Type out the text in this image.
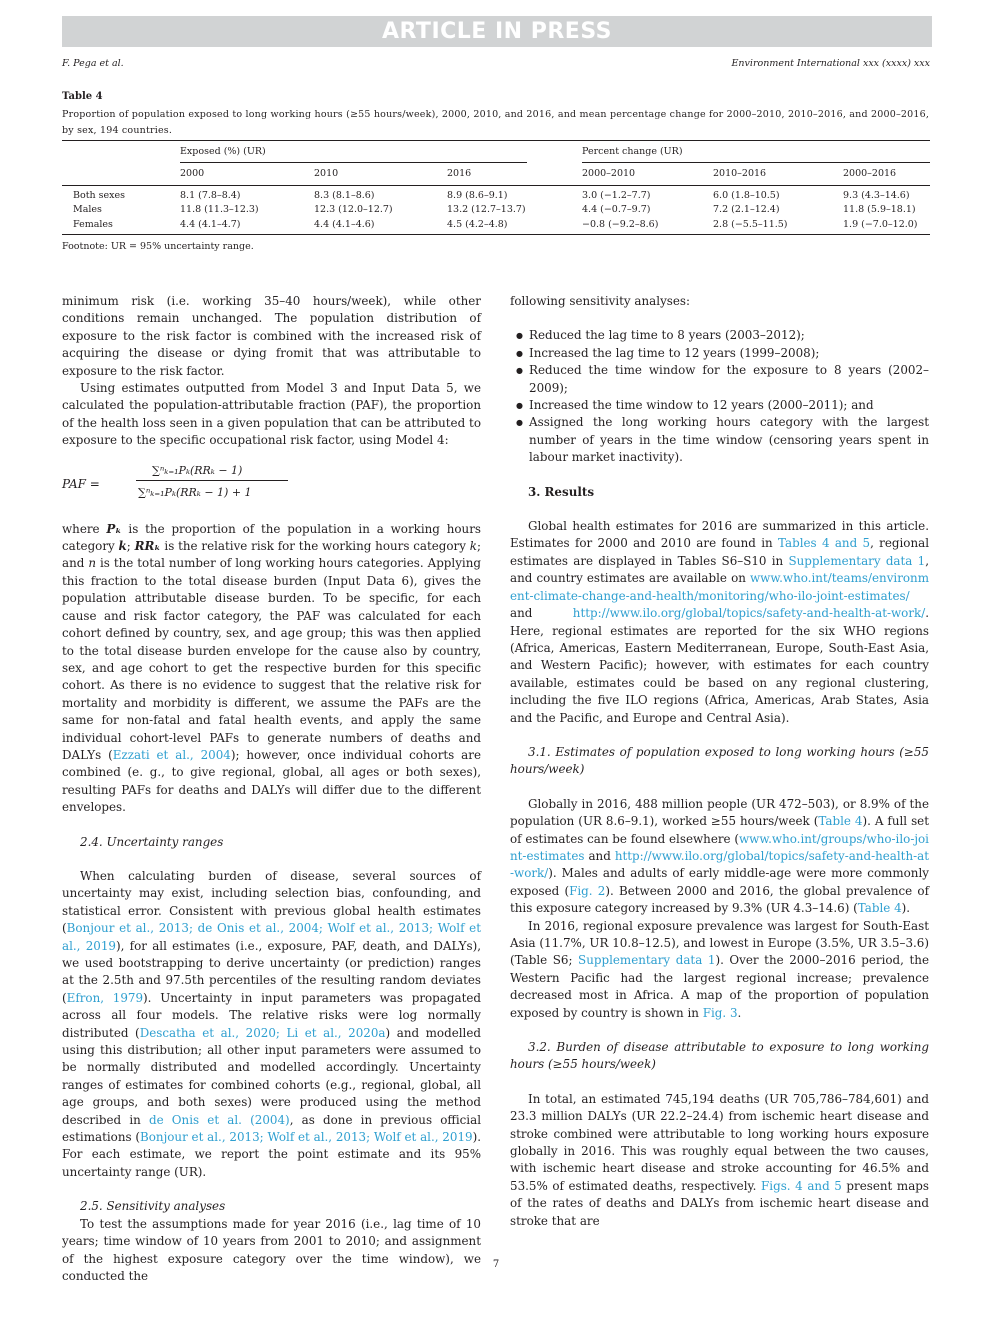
ARTICLE IN PRESS
F. Pega et al.	Environment International xxx (xxxx) xxx
Table 4
Proportion of population exposed to long working hours (≥55 hours/week), 2000, 2010, and 2016, and mean percentage change for 2000–2010, 2010–2016, and 2000–2016, by sex, 194 countries.
Exposed (%) (UR)	Percent change (UR)
2000	2010	2016	2000–2010	2010–2016	2000–2016
Both sexes	8.1 (7.8–8.4)	8.3 (8.1–8.6)	8.9 (8.6–9.1)	3.0 (−1.2–7.7)	6.0 (1.8–10.5)	9.3 (4.3–14.6)
Males	11.8 (11.3–12.3)	12.3 (12.0–12.7)	13.2 (12.7–13.7)	4.4 (−0.7–9.7)	7.2 (2.1–12.4)	11.8 (5.9–18.1)
Females	4.4 (4.1–4.7)	4.4 (4.1–4.6)	4.5 (4.2–4.8)	−0.8 (−9.2–8.6)	2.8 (−5.5–11.5)	1.9 (−7.0–12.0)
Footnote: UR = 95% uncertainty range.

minimum risk (i.e. working 35–40 hours/week), while other conditions remain unchanged. The population distribution of exposure to the risk factor is combined with the increased risk of acquiring the disease or dying fromit that was attributable to exposure to the risk factor.

Using estimates outputted from Model 3 and Input Data 5, we calculated the population-attributable fraction (PAF), the proportion of the health loss seen in a given population that can be attributed to exposure to the specific occupational risk factor, using Model 4:

PAF =
∑ⁿₖ₌₁Pₖ(RRₖ − 1)
∑ⁿₖ₌₁Pₖ(RRₖ − 1) + 1

where Pₖ is the proportion of the population in a working hours category k; RRₖ is the relative risk for the working hours category k; and n is the total number of long working hours categories. Applying this fraction to the total disease burden (Input Data 6), gives the population attributable disease burden. To be specific, for each cause and risk factor category, the PAF was calculated for each cohort defined by country, sex, and age group; this was then applied to the total disease burden envelope for the cause also by country, sex, and age cohort to get the respective burden for this specific cohort. As there is no evidence to suggest that the relative risk for mortality and morbidity is different, we assume the PAFs are the same for non-fatal and fatal health events, and apply the same individual cohort-level PAFs to generate numbers of deaths and DALYs (Ezzati et al., 2004); however, once individual cohorts are combined (e. g., to give regional, global, all ages or both sexes), resulting PAFs for deaths and DALYs will differ due to the different envelopes.

2.4. Uncertainty ranges

When calculating burden of disease, several sources of uncertainty may exist, including selection bias, confounding, and statistical error. Consistent with previous global health estimates (Bonjour et al., 2013; de Onis et al., 2004; Wolf et al., 2013; Wolf et al., 2019), for all estimates (i.e., exposure, PAF, death, and DALYs), we used bootstrapping to derive uncertainty (or prediction) ranges at the 2.5th and 97.5th percentiles of the resulting random deviates (Efron, 1979). Uncertainty in input parameters was propagated across all four models. The relative risks were log normally distributed (Descatha et al., 2020; Li et al., 2020a) and modelled using this distribution; all other input parameters were assumed to be normally distributed and modelled accordingly. Uncertainty ranges of estimates for combined cohorts (e.g., regional, global, all age groups, and both sexes) were produced using the method described in de Onis et al. (2004), as done in previous official estimations (Bonjour et al., 2013; Wolf et al., 2013; Wolf et al., 2019). For each estimate, we report the point estimate and its 95% uncertainty range (UR).

2.5. Sensitivity analyses

To test the assumptions made for year 2016 (i.e., lag time of 10 years; time window of 10 years from 2001 to 2010; and assignment of the highest exposure category over the time window), we conducted the

following sensitivity analyses:

● Reduced the lag time to 8 years (2003–2012);
● Increased the lag time to 12 years (1999–2008);
● Reduced the time window for the exposure to 8 years (2002–2009);
● Increased the time window to 12 years (2000–2011); and
● Assigned the long working hours category with the largest number of years in the time window (censoring years spent in labour market inactivity).

3. Results

Global health estimates for 2016 are summarized in this article. Estimates for 2000 and 2010 are found in Tables 4 and 5, regional estimates are displayed in Tables S6–S10 in Supplementary data 1, and country estimates are available on www.who.int/teams/environment-climate-change-and-health/monitoring/who-ilo-joint-estimates/ and http://www.ilo.org/global/topics/safety-and-health-at-work/. Here, regional estimates are reported for the six WHO regions (Africa, Americas, Eastern Mediterranean, Europe, South-East Asia, and Western Pacific); however, with estimates for each country available, estimates could be based on any regional clustering, including the five ILO regions (Africa, Americas, Arab States, Asia and the Pacific, and Europe and Central Asia).

3.1. Estimates of population exposed to long working hours (≥55 hours/week)

Globally in 2016, 488 million people (UR 472–503), or 8.9% of the population (UR 8.6–9.1), worked ≥55 hours/week (Table 4). A full set of estimates can be found elsewhere (www.who.int/groups/who-ilo-joint-estimates and http://www.ilo.org/global/topics/safety-and-health-at-work/). Males and adults of early middle-age were more commonly exposed (Fig. 2). Between 2000 and 2016, the global prevalence of this exposure category increased by 9.3% (UR 4.3–14.6) (Table 4).

In 2016, regional exposure prevalence was largest for South-East Asia (11.7%, UR 10.8–12.5), and lowest in Europe (3.5%, UR 3.5–3.6) (Table S6; Supplementary data 1). Over the 2000–2016 period, the Western Pacific had the largest regional increase; prevalence decreased most in Africa. A map of the proportion of population exposed by country is shown in Fig. 3.

3.2. Burden of disease attributable to exposure to long working hours (≥55 hours/week)

In total, an estimated 745,194 deaths (UR 705,786–784,601) and 23.3 million DALYs (UR 22.2–24.4) from ischemic heart disease and stroke combined were attributable to long working hours exposure globally in 2016. This was roughly equal between the two causes, with ischemic heart disease and stroke accounting for 46.5% and 53.5% of estimated deaths, respectively. Figs. 4 and 5 present maps of the rates of deaths and DALYs from ischemic heart disease and stroke that are

7
